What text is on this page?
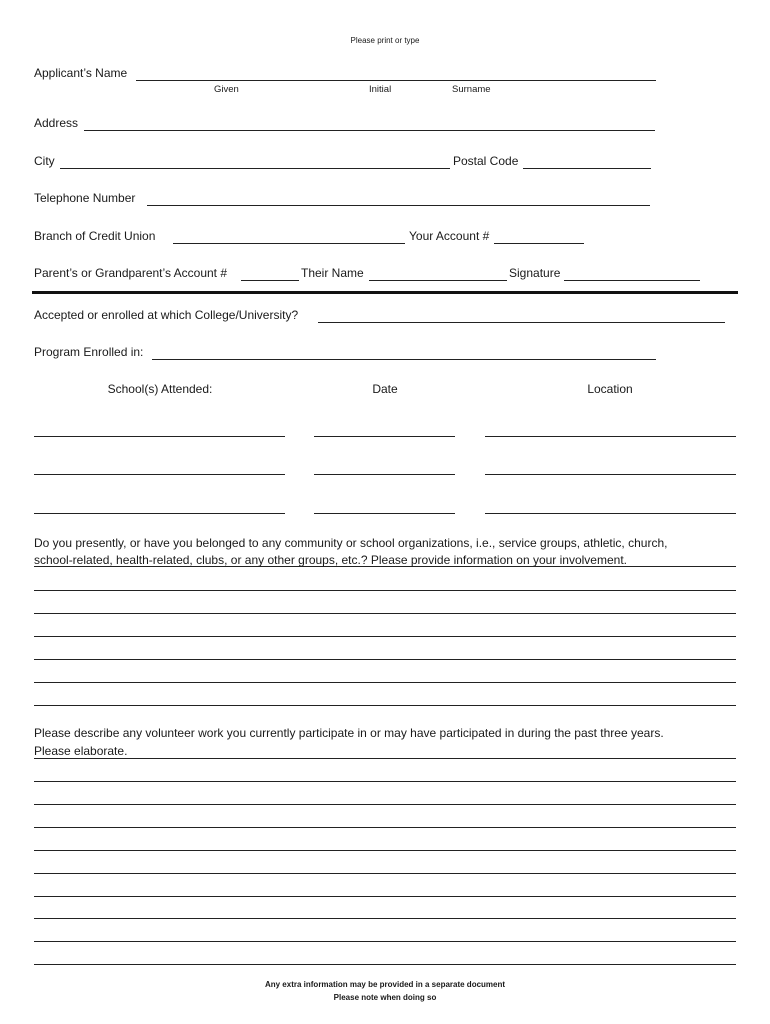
Please print or type
Applicant’s Name
Given	Initial	Surname
Address
City	Postal Code
Telephone Number
Branch of Credit Union	Your Account #
Parent’s or Grandparent’s Account #	Their Name	Signature
Accepted or enrolled at which College/University?
Program Enrolled in:
School(s) Attended:	Date	Location
Do you presently, or have you belonged to any community or school organizations, i.e., service groups, athletic, church,
school-related, health-related, clubs, or any other groups, etc.? Please provide information on your involvement.
Please describe any volunteer work you currently participate in or may have participated in during the past three years.
Please elaborate.
Any extra information may be provided in a separate document
Please note when doing so
